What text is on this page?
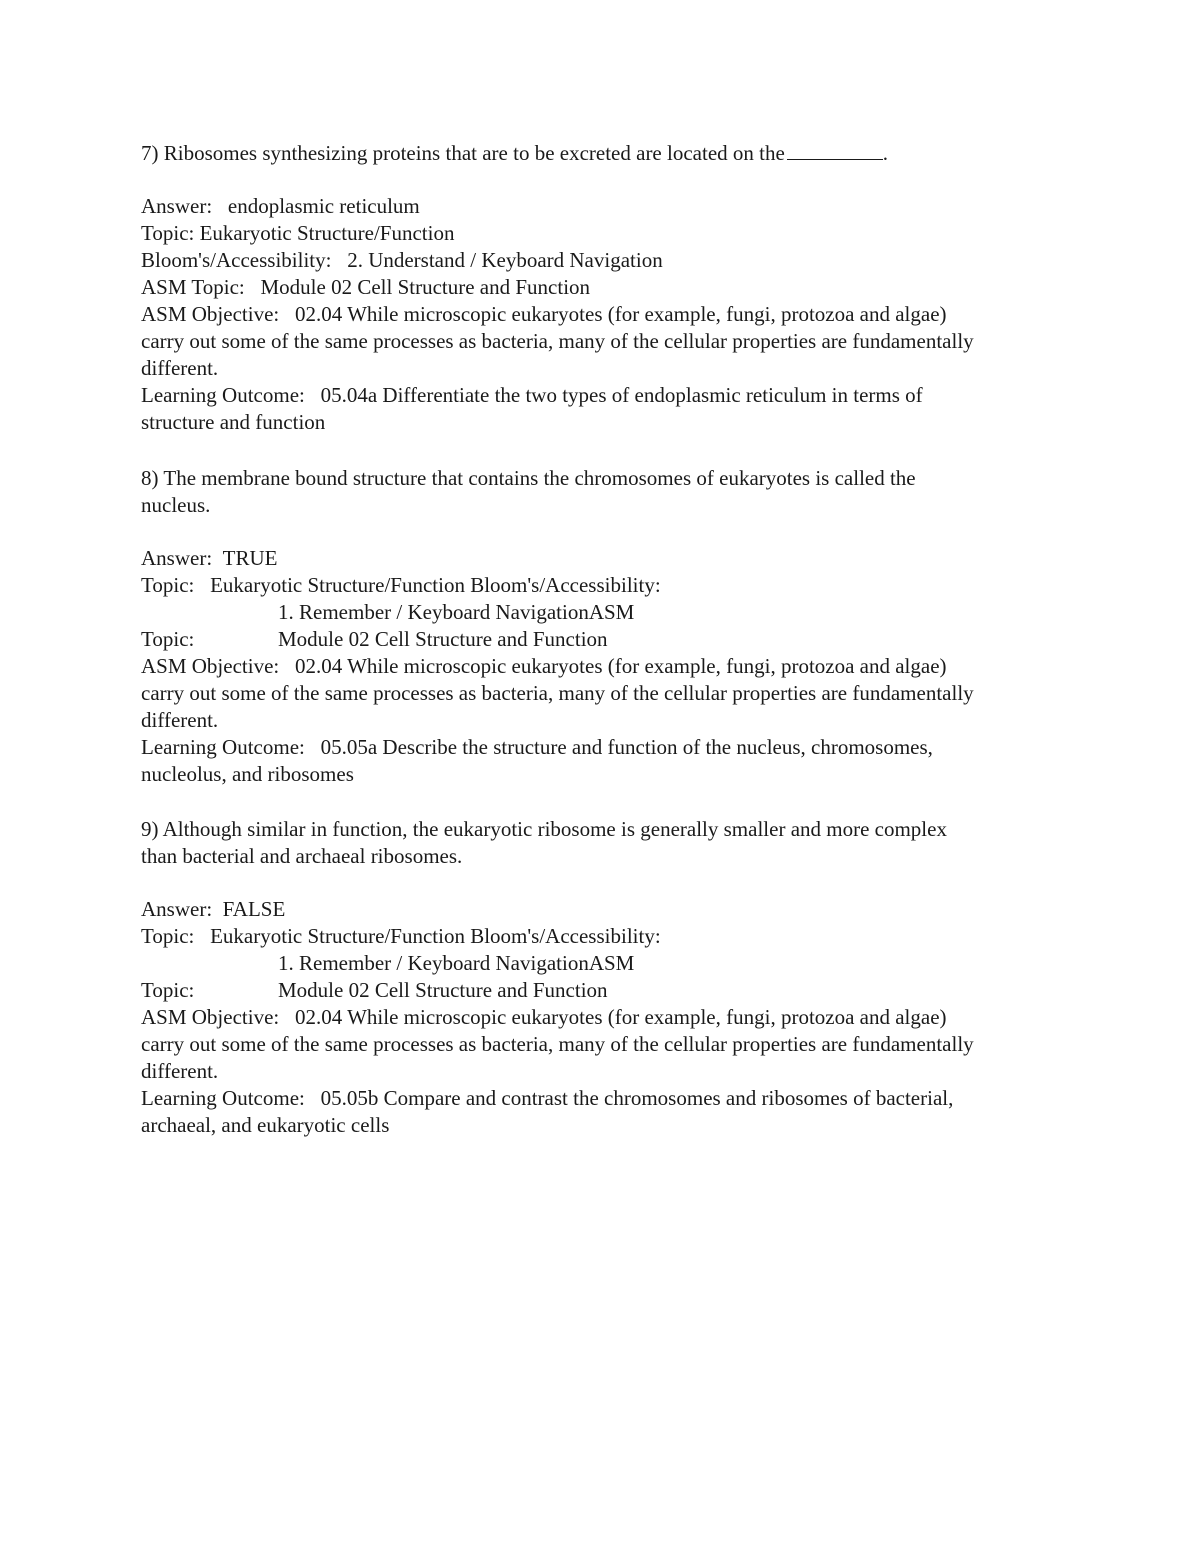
7) Ribosomes synthesizing proteins that are to be excreted are located on the	.
Answer: endoplasmic reticulum
Topic: Eukaryotic Structure/Function
Bloom's/Accessibility:   2. Understand / Keyboard Navigation
ASM Topic:   Module 02 Cell Structure and Function
ASM Objective:   02.04 While microscopic eukaryotes (for example, fungi, protozoa and algae)
carry out some of the same processes as bacteria, many of the cellular properties are fundamentally
different.
Learning Outcome:   05.04a Differentiate the two types of endoplasmic reticulum in terms of
structure and function
8) The membrane bound structure that contains the chromosomes of eukaryotes is called the
nucleus.
Answer: TRUE
Topic:   Eukaryotic Structure/Function Bloom's/Accessibility:
1. Remember / Keyboard NavigationASM
Topic:	Module 02 Cell Structure and Function
ASM Objective:   02.04 While microscopic eukaryotes (for example, fungi, protozoa and algae)
carry out some of the same processes as bacteria, many of the cellular properties are fundamentally
different.
Learning Outcome:   05.05a Describe the structure and function of the nucleus, chromosomes,
nucleolus, and ribosomes
9) Although similar in function, the eukaryotic ribosome is generally smaller and more complex
than bacterial and archaeal ribosomes.
Answer: FALSE
Topic:   Eukaryotic Structure/Function Bloom's/Accessibility:
1. Remember / Keyboard NavigationASM
Topic:	Module 02 Cell Structure and Function
ASM Objective:   02.04 While microscopic eukaryotes (for example, fungi, protozoa and algae)
carry out some of the same processes as bacteria, many of the cellular properties are fundamentally
different.
Learning Outcome:   05.05b Compare and contrast the chromosomes and ribosomes of bacterial,
archaeal, and eukaryotic cells
